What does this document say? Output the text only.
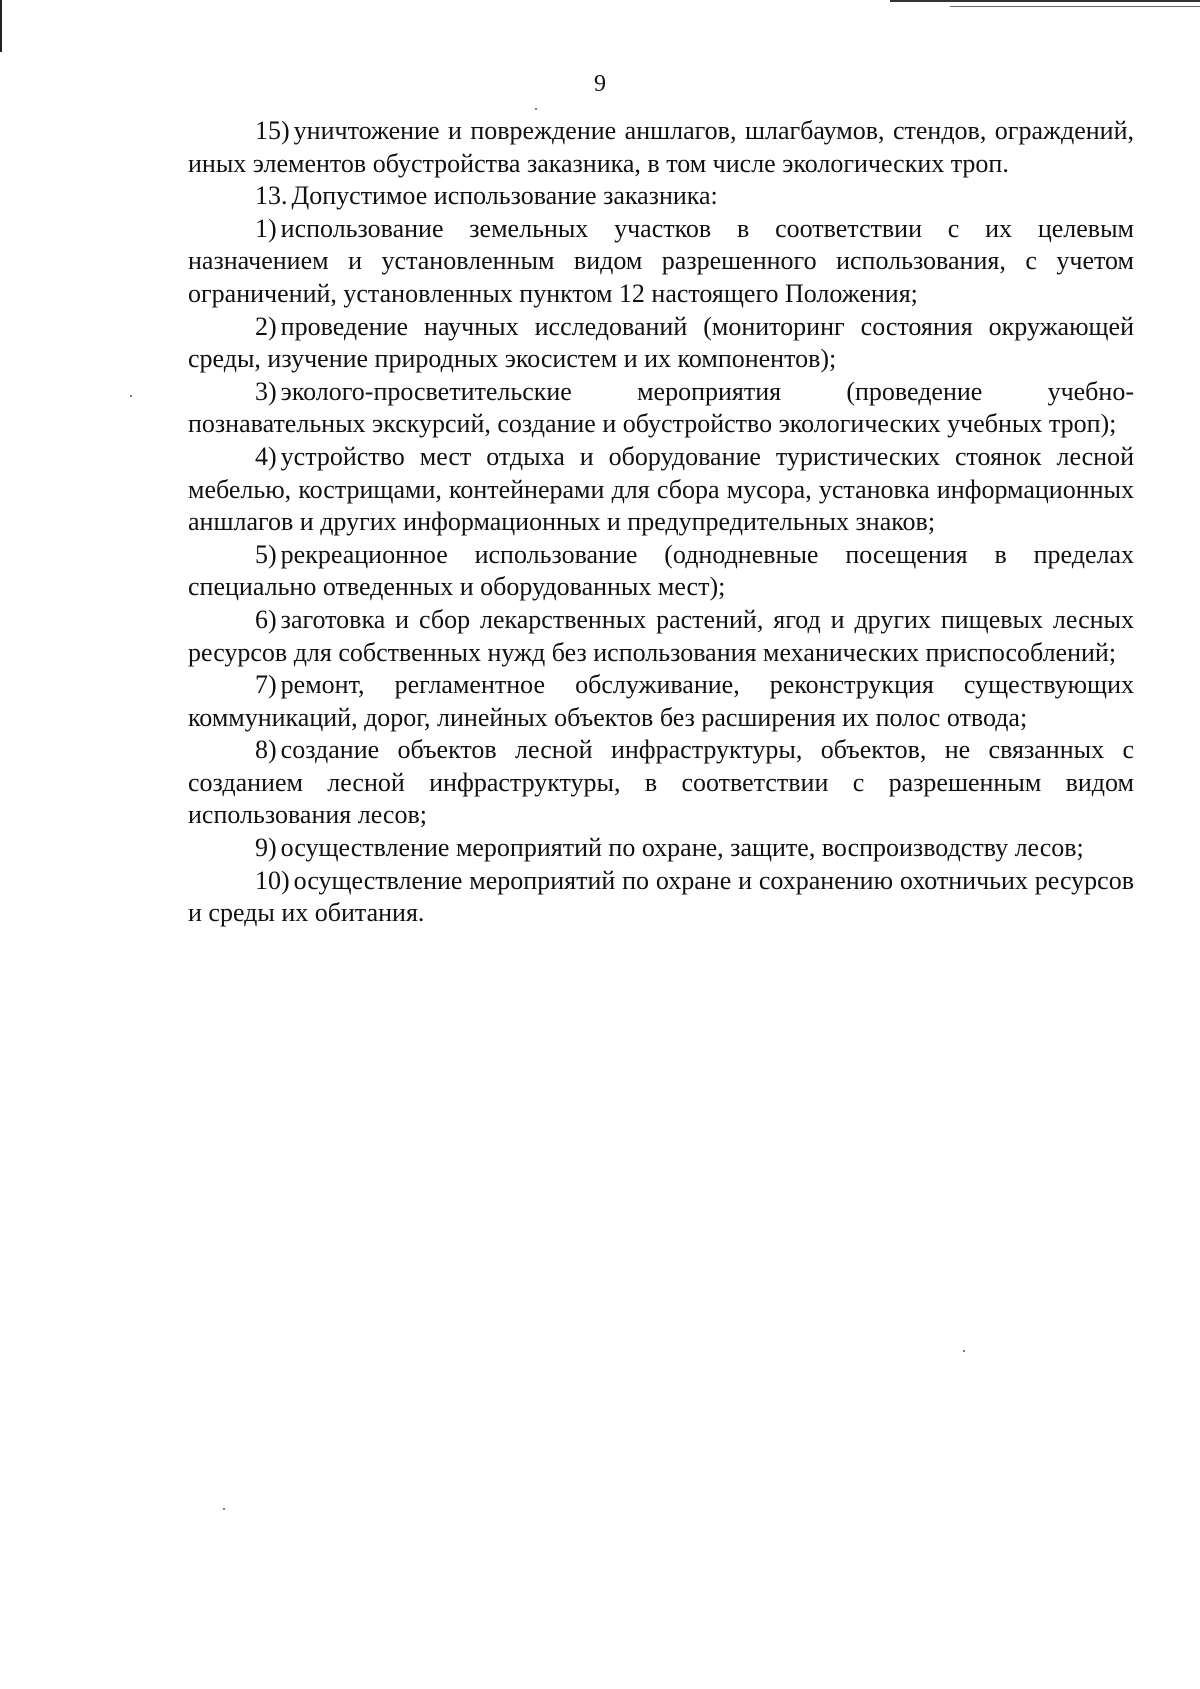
9

15) уничтожение и повреждение аншлагов, шлагбаумов, стендов, ограждений, иных элементов обустройства заказника, в том числе экологических троп.

13. Допустимое использование заказника:

1) использование земельных участков в соответствии с их целевым назначением и установленным видом разрешенного использования, с учетом ограничений, установленных пунктом 12 настоящего Положения;

2) проведение научных исследований (мониторинг состояния окружающей среды, изучение природных экосистем и их компонентов);

3) эколого-просветительские мероприятия (проведение учебно-познавательных экскурсий, создание и обустройство экологических учебных троп);

4) устройство мест отдыха и оборудование туристических стоянок лесной мебелью, кострищами, контейнерами для сбора мусора, установка информационных аншлагов и других информационных и предупредительных знаков;

5) рекреационное использование (однодневные посещения в пределах специально отведенных и оборудованных мест);

6) заготовка и сбор лекарственных растений, ягод и других пищевых лесных ресурсов для собственных нужд без использования механических приспособлений;

7) ремонт, регламентное обслуживание, реконструкция существующих коммуникаций, дорог, линейных объектов без расширения их полос отвода;

8) создание объектов лесной инфраструктуры, объектов, не связанных с созданием лесной инфраструктуры, в соответствии с разрешенным видом использования лесов;

9) осуществление мероприятий по охране, защите, воспроизводству лесов;

10) осуществление мероприятий по охране и сохранению охотничьих ресурсов и среды их обитания.
